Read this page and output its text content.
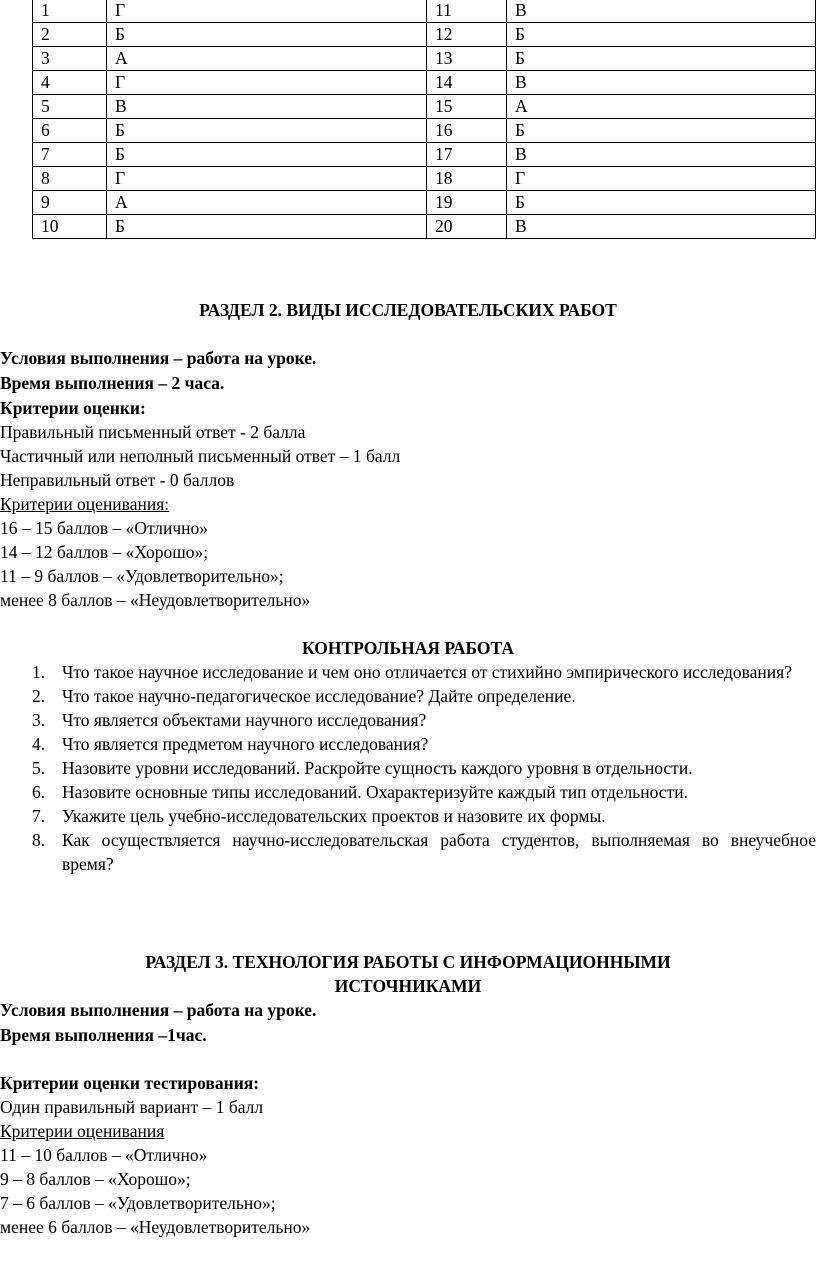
1	Г	11	В
2	Б	12	Б
3	А	13	Б
4	Г	14	В
5	В	15	А
6	Б	16	Б
7	Б	17	В
8	Г	18	Г
9	А	19	Б
10	Б	20	В
РАЗДЕЛ 2. ВИДЫ ИССЛЕДОВАТЕЛЬСКИХ РАБОТ
Условия выполнения – работа на уроке.
Время выполнения – 2 часа.
Критерии оценки:
Правильный письменный ответ - 2 балла
Частичный или неполный письменный ответ – 1 балл
Неправильный ответ - 0 баллов
Критерии оценивания:
16 – 15 баллов – «Отлично»
14 – 12 баллов – «Хорошо»;
11 – 9 баллов – «Удовлетворительно»;
менее 8 баллов – «Неудовлетворительно»
КОНТРОЛЬНАЯ РАБОТА
1. Что такое научное исследование и чем оно отличается от стихийно эмпирического исследования?
2. Что такое научно-педагогическое исследование? Дайте определение.
3. Что является объектами научного исследования?
4. Что является предметом научного исследования?
5. Назовите уровни исследований. Раскройте сущность каждого уровня в отдельности.
6. Назовите основные типы исследований. Охарактеризуйте каждый тип отдельности.
7. Укажите цель учебно-исследовательских проектов и назовите их формы.
8. Как осуществляется научно-исследовательская работа студентов, выполняемая во внеучебное время?
РАЗДЕЛ 3. ТЕХНОЛОГИЯ РАБОТЫ С ИНФОРМАЦИОННЫМИ
ИСТОЧНИКАМИ
Условия выполнения – работа на уроке.
Время выполнения –1час.
Критерии оценки тестирования:
Один правильный вариант – 1 балл
Критерии оценивания
11 – 10 баллов – «Отлично»
9 – 8 баллов – «Хорошо»;
7 – 6 баллов – «Удовлетворительно»;
менее 6 баллов – «Неудовлетворительно»
